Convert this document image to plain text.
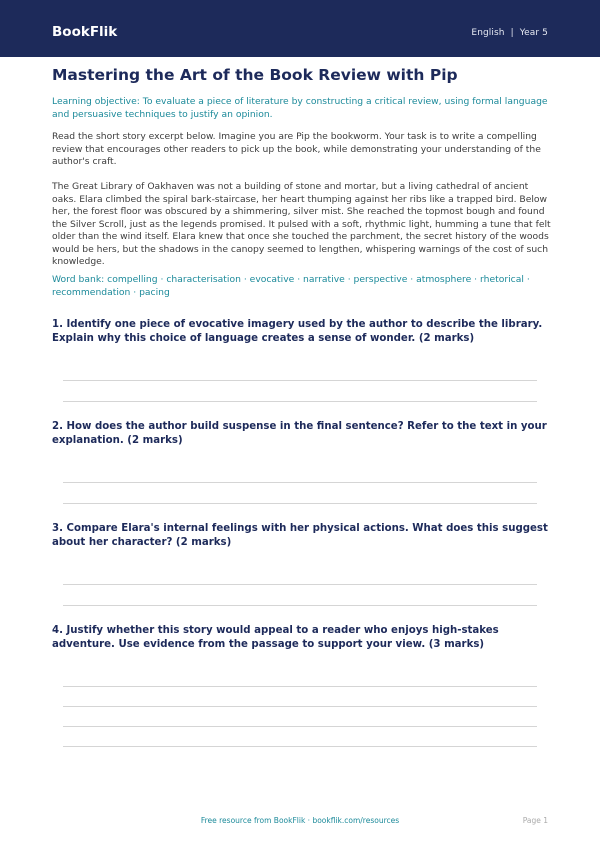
BookFlik	English | Year 5
Mastering the Art of the Book Review with Pip

Learning objective: To evaluate a piece of literature by constructing a critical review, using formal language and persuasive techniques to justify an opinion.

Read the short story excerpt below. Imagine you are Pip the bookworm. Your task is to write a compelling review that encourages other readers to pick up the book, while demonstrating your understanding of the author's craft.

The Great Library of Oakhaven was not a building of stone and mortar, but a living cathedral of ancient oaks. Elara climbed the spiral bark-staircase, her heart thumping against her ribs like a trapped bird. Below her, the forest floor was obscured by a shimmering, silver mist. She reached the topmost bough and found the Silver Scroll, just as the legends promised. It pulsed with a soft, rhythmic light, humming a tune that felt older than the wind itself. Elara knew that once she touched the parchment, the secret history of the woods would be hers, but the shadows in the canopy seemed to lengthen, whispering warnings of the cost of such knowledge.

Word bank: compelling · characterisation · evocative · narrative · perspective · atmosphere · rhetorical · recommendation · pacing

1. Identify one piece of evocative imagery used by the author to describe the library. Explain why this choice of language creates a sense of wonder. (2 marks)

2. How does the author build suspense in the final sentence? Refer to the text in your explanation. (2 marks)

3. Compare Elara's internal feelings with her physical actions. What does this suggest about her character? (2 marks)

4. Justify whether this story would appeal to a reader who enjoys high-stakes adventure. Use evidence from the passage to support your view. (3 marks)

Free resource from BookFlik · bookflik.com/resources	Page 1
